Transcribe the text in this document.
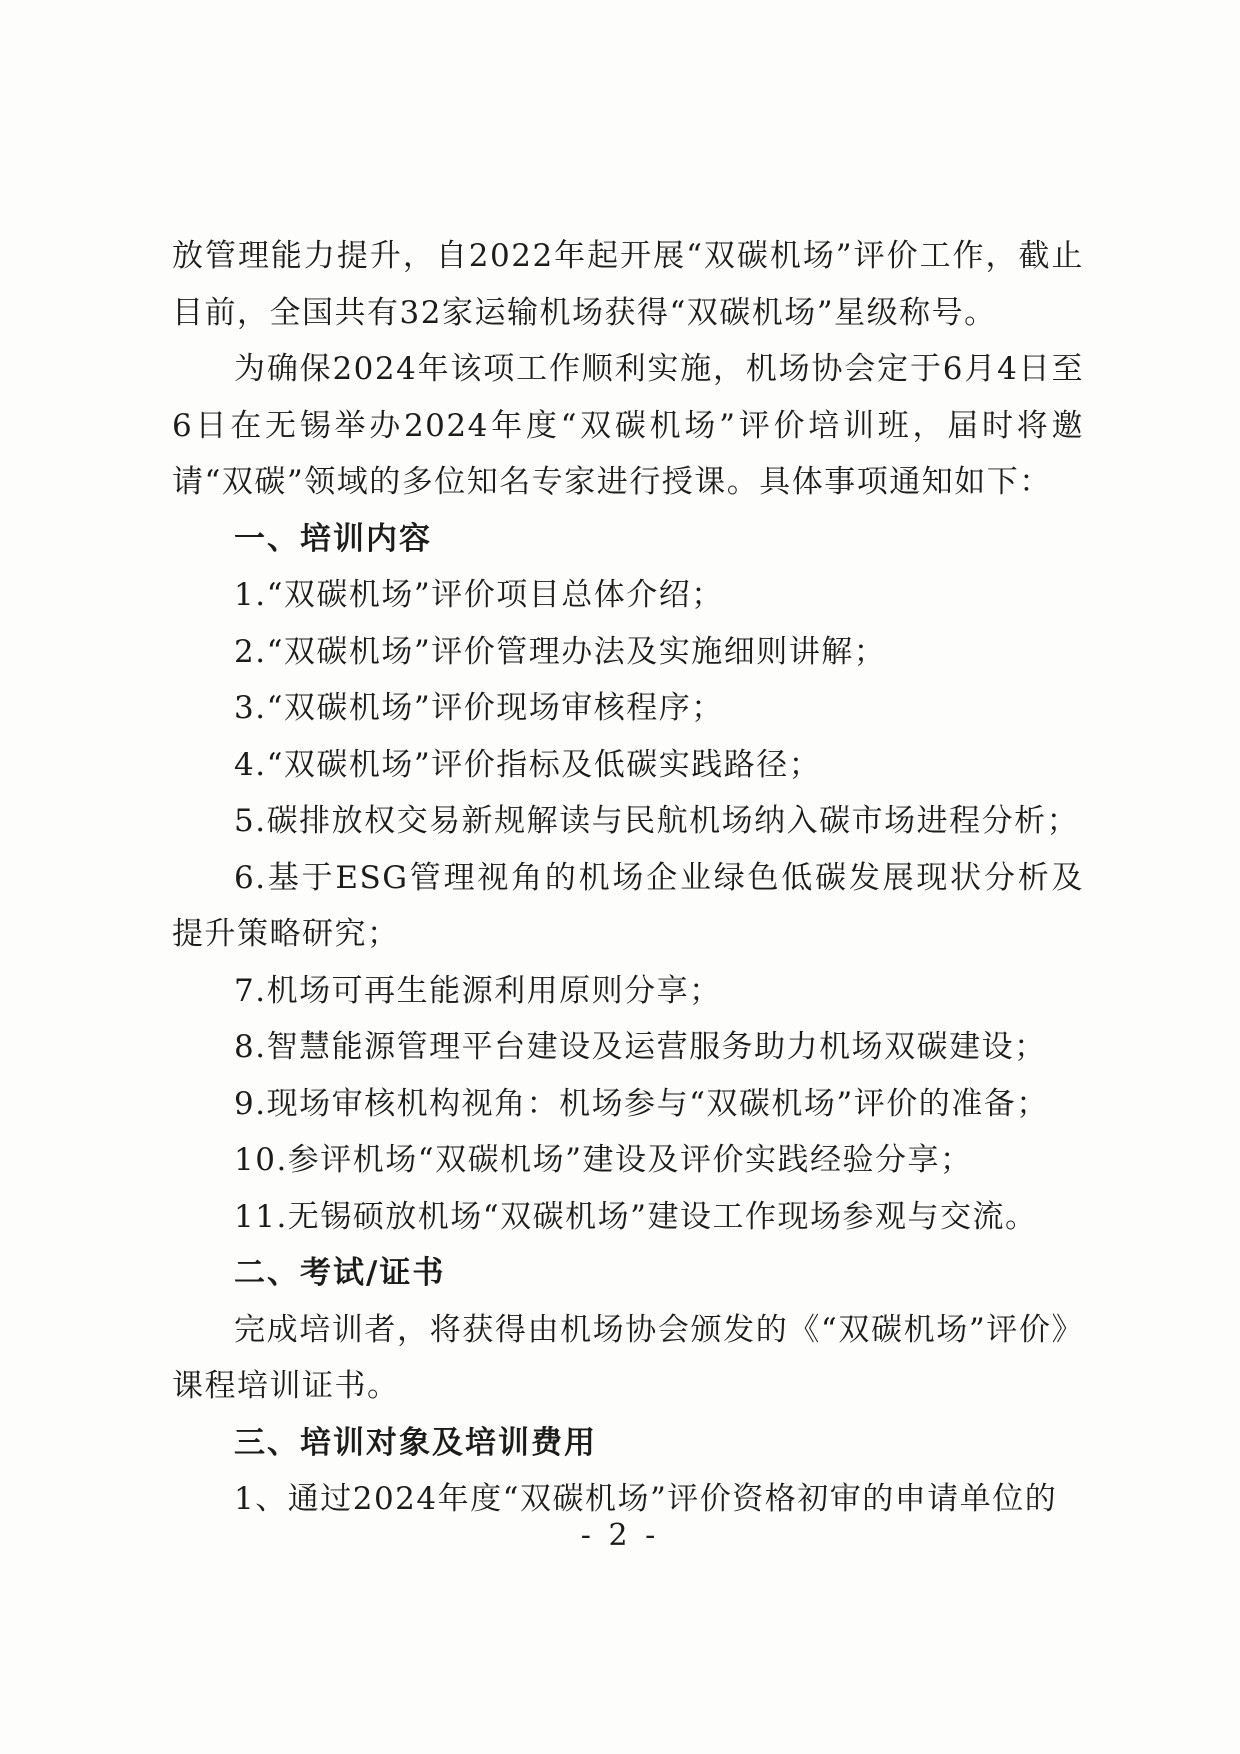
放管理能力提升，自2022年起开展“双碳机场”评价工作，截止目前，全国共有32家运输机场获得“双碳机场”星级称号。

为确保2024年该项工作顺利实施，机场协会定于6月4日至6日在无锡举办2024年度“双碳机场”评价培训班，届时将邀请“双碳”领域的多位知名专家进行授课。具体事项通知如下：

一、培训内容

1.“双碳机场”评价项目总体介绍；

2.“双碳机场”评价管理办法及实施细则讲解；

3.“双碳机场”评价现场审核程序；

4.“双碳机场”评价指标及低碳实践路径；

5.碳排放权交易新规解读与民航机场纳入碳市场进程分析；

6.基于ESG管理视角的机场企业绿色低碳发展现状分析及提升策略研究；

7.机场可再生能源利用原则分享；

8.智慧能源管理平台建设及运营服务助力机场双碳建设；

9.现场审核机构视角：机场参与“双碳机场”评价的准备；

10.参评机场“双碳机场”建设及评价实践经验分享；

11.无锡硕放机场“双碳机场”建设工作现场参观与交流。

二、考试/证书

完成培训者，将获得由机场协会颁发的《“双碳机场”评价》课程培训证书。

三、培训对象及培训费用

1、通过2024年度“双碳机场”评价资格初审的申请单位的

- 2 -
